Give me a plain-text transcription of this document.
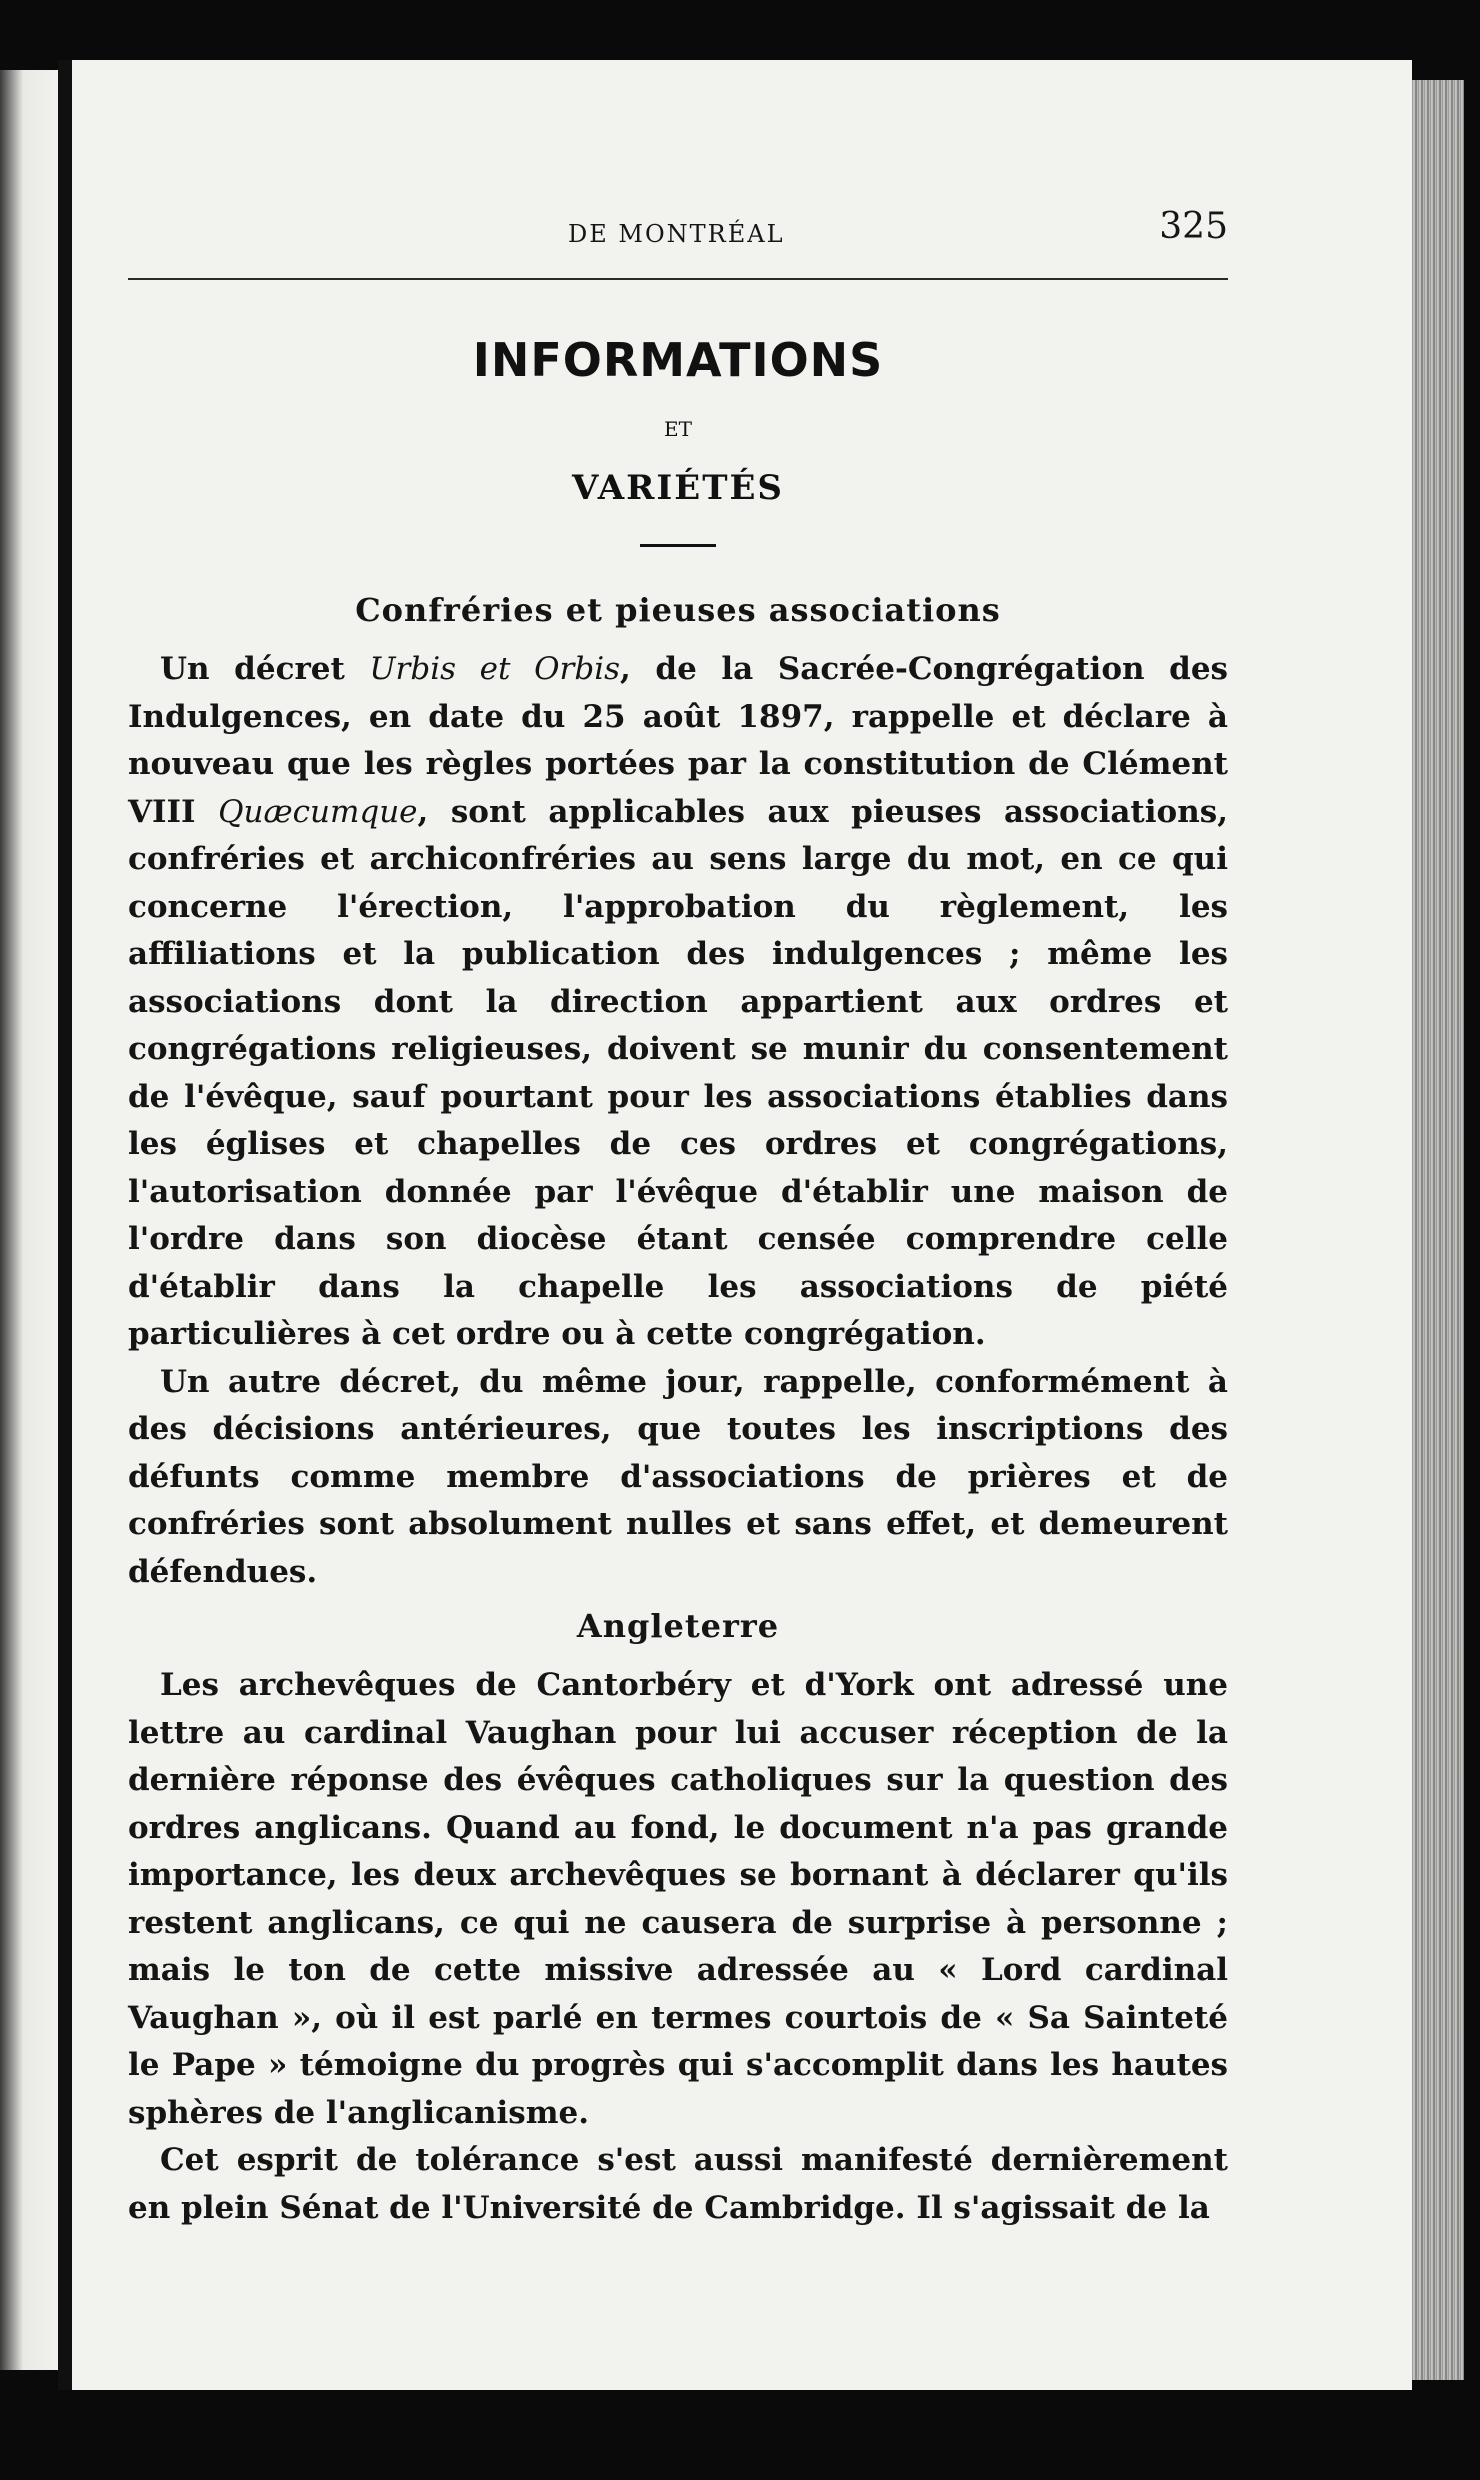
DE MONTRÉAL	325
INFORMATIONS
ET
VARIÉTÉS
Confréries et pieuses associations

Un décret Urbis et Orbis, de la Sacrée-Congrégation des Indulgences, en date du 25 août 1897, rappelle et déclare à nouveau que les règles portées par la constitution de Clément VIII Quæcumque, sont applicables aux pieuses associations, confréries et archiconfréries au sens large du mot, en ce qui concerne l'érection, l'approbation du règlement, les affiliations et la publication des indulgences ; même les associations dont la direction appartient aux ordres et congrégations religieuses, doivent se munir du consentement de l'évêque, sauf pourtant pour les associations établies dans les églises et chapelles de ces ordres et congrégations, l'autorisation donnée par l'évêque d'établir une maison de l'ordre dans son diocèse étant censée comprendre celle d'établir dans la chapelle les associations de piété particulières à cet ordre ou à cette congrégation.

Un autre décret, du même jour, rappelle, conformément à des décisions antérieures, que toutes les inscriptions des défunts comme membre d'associations de prières et de confréries sont absolument nulles et sans effet, et demeurent défendues.

Angleterre

Les archevêques de Cantorbéry et d'York ont adressé une lettre au cardinal Vaughan pour lui accuser réception de la dernière réponse des évêques catholiques sur la question des ordres anglicans. Quand au fond, le document n'a pas grande importance, les deux archevêques se bornant à déclarer qu'ils restent anglicans, ce qui ne causera de surprise à personne ; mais le ton de cette missive adressée au « Lord cardinal Vaughan », où il est parlé en termes courtois de « Sa Sainteté le Pape » témoigne du progrès qui s'accomplit dans les hautes sphères de l'anglicanisme.

Cet esprit de tolérance s'est aussi manifesté dernièrement en plein Sénat de l'Université de Cambridge. Il s'agissait de la
